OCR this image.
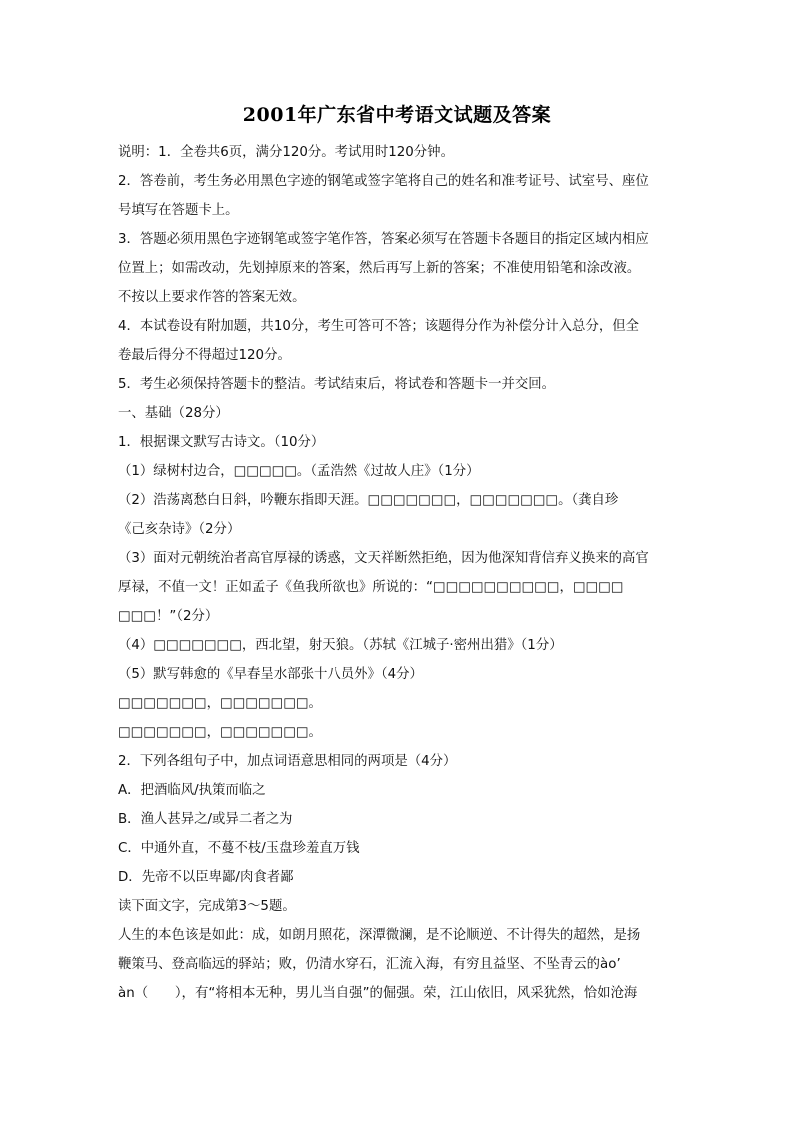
2001年广东省中考语文试题及答案
说明：1．全卷共6页，满分120分。考试用时120分钟。
2．答卷前，考生务必用黑色字迹的钢笔或签字笔将自己的姓名和准考证号、试室号、座位
号填写在答题卡上。
3．答题必须用黑色字迹钢笔或签字笔作答，答案必须写在答题卡各题目的指定区域内相应
位置上；如需改动，先划掉原来的答案，然后再写上新的答案；不准使用铅笔和涂改液。
不按以上要求作答的答案无效。
4．本试卷设有附加题，共10分，考生可答可不答；该题得分作为补偿分计入总分，但全
卷最后得分不得超过120分。
5．考生必须保持答题卡的整洁。考试结束后，将试卷和答题卡一并交回。
一、基础（28分）
1．根据课文默写古诗文。（10分）
（1）绿树村边合，□□□□□。（孟浩然《过故人庄》（1分）
（2）浩荡离愁白日斜，吟鞭东指即天涯。□□□□□□□，□□□□□□□。（龚自珍
《己亥杂诗》（2分）
（3）面对元朝统治者高官厚禄的诱惑，文天祥断然拒绝，因为他深知背信弃义换来的高官
厚禄，不值一文！正如孟子《鱼我所欲也》所说的：“□□□□□□□□□□，□□□□
□□□！”（2分）
（4）□□□□□□□，西北望，射天狼。（苏轼《江城子·密州出猎》（1分）
（5）默写韩愈的《早春呈水部张十八员外》（4分）
□□□□□□□，□□□□□□□。
□□□□□□□，□□□□□□□。
2．下列各组句子中，加点词语意思相同的两项是（4分）
A．把酒临风/执策而临之
B．渔人甚异之/或异二者之为
C．中通外直，不蔓不枝/玉盘珍羞直万钱
D．先帝不以臣卑鄙/肉食者鄙
读下面文字，完成第3～5题。
人生的本色该是如此：成，如朗月照花，深潭微澜，是不论顺逆、不计得失的超然，是扬
鞭策马、登高临远的驿站；败，仍清水穿石，汇流入海，有穷且益坚、不坠青云的ào’
àn（　　），有“将相本无种，男儿当自强”的倔强。荣，江山依旧，风采犹然，恰如沧海
